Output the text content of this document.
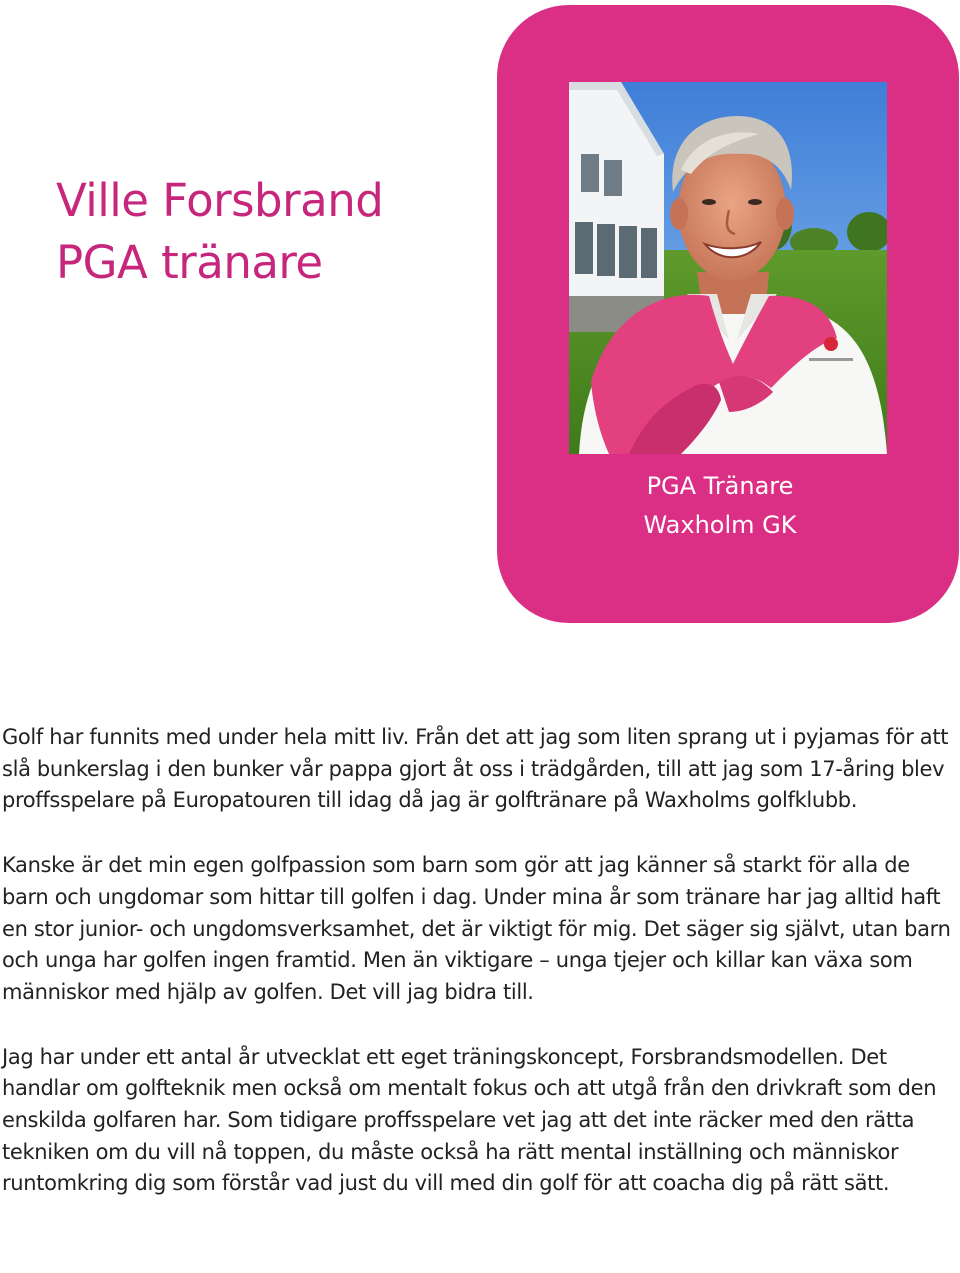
Ville Forsbrand
PGA tränare
PGA Tränare
Waxholm GK

Golf har funnits med under hela mitt liv. Från det att jag som liten sprang ut i pyjamas för att slå bunkerslag i den bunker vår pappa gjort åt oss i trädgården, till att jag som 17-åring blev proffsspelare på Europatouren till idag då jag är golftränare på Waxholms golfklubb.

Kanske är det min egen golfpassion som barn som gör att jag känner så starkt för alla de barn och ungdomar som hittar till golfen i dag. Under mina år som tränare har jag alltid haft en stor junior- och ungdomsverksamhet, det är viktigt för mig. Det säger sig självt, utan barn och unga har golfen ingen framtid. Men än viktigare – unga tjejer och killar kan växa som människor med hjälp av golfen. Det vill jag bidra till.

Jag har under ett antal år utvecklat ett eget träningskoncept, Forsbrandsmodellen. Det handlar om golfteknik men också om mentalt fokus och att utgå från den drivkraft som den enskilda golfaren har. Som tidigare proffsspelare vet jag att det inte räcker med den rätta tekniken om du vill nå toppen, du måste också ha rätt mental inställning och människor runtomkring dig som förstår vad just du vill med din golf för att coacha dig på rätt sätt.
